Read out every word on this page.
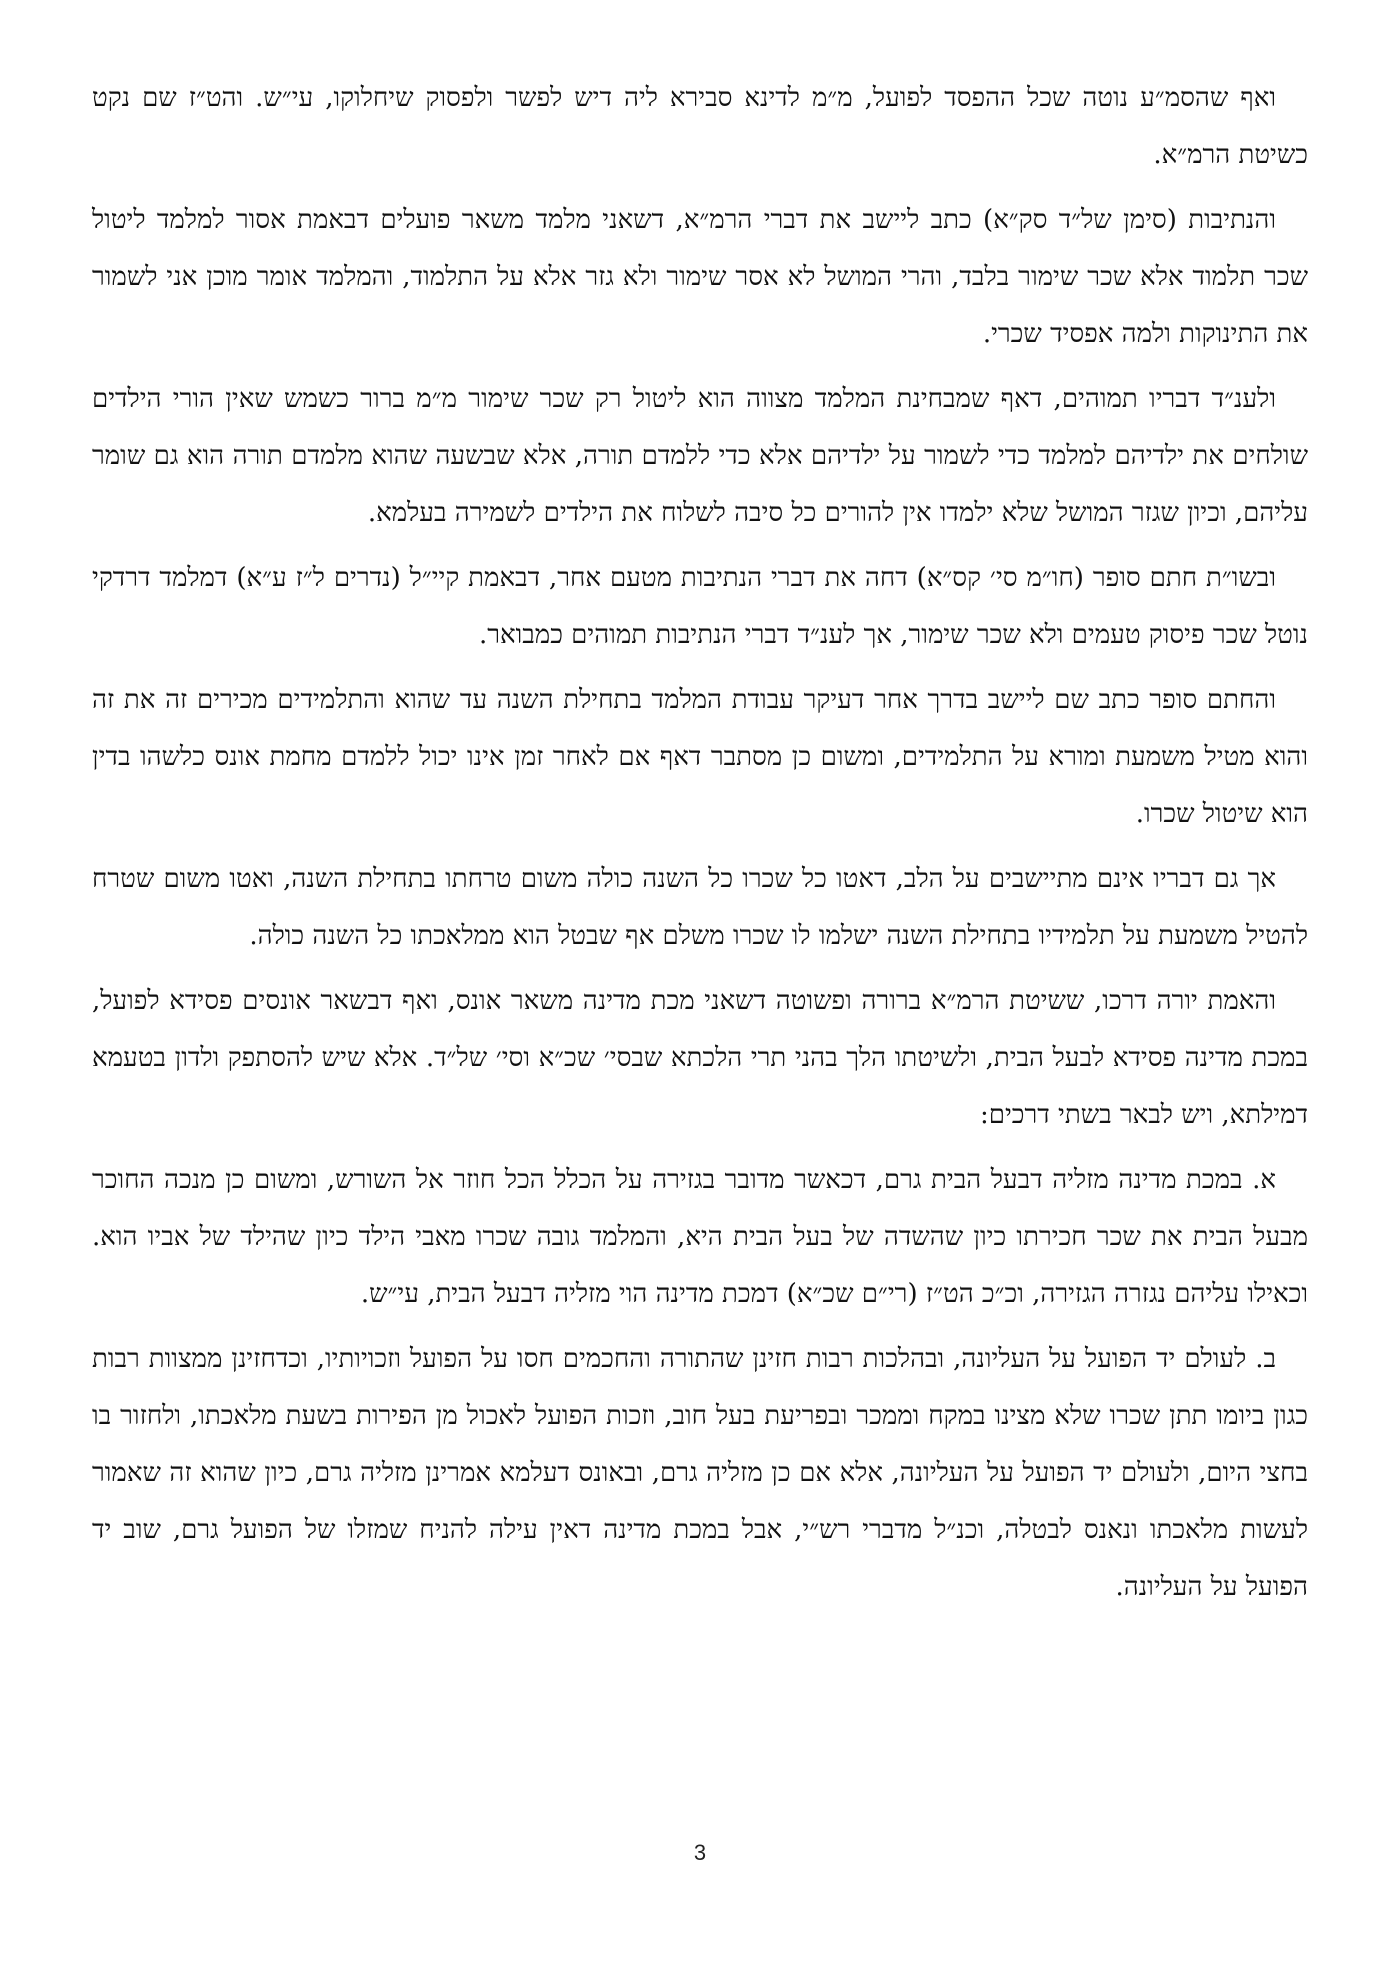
ואף שהסמ״ע נוטה שכל ההפסד לפועל, מ״מ לדינא סבירא ליה דיש לפשר ולפסוק שיחלוקו, עי״ש. והט״ז שם נקט כשיטת הרמ״א.

והנתיבות (סימן של״ד סק״א) כתב ליישב את דברי הרמ״א, דשאני מלמד משאר פועלים דבאמת אסור למלמד ליטול שכר תלמוד אלא שכר שימור בלבד, והרי המושל לא אסר שימור ולא גזר אלא על התלמוד, והמלמד אומר מוכן אני לשמור את התינוקות ולמה אפסיד שכרי.

ולענ״ד דבריו תמוהים, דאף שמבחינת המלמד מצווה הוא ליטול רק שכר שימור מ״מ ברור כשמש שאין הורי הילדים שולחים את ילדיהם למלמד כדי לשמור על ילדיהם אלא כדי ללמדם תורה, אלא שבשעה שהוא מלמדם תורה הוא גם שומר עליהם, וכיון שגזר המושל שלא ילמדו אין להורים כל סיבה לשלוח את הילדים לשמירה בעלמא.

ובשו״ת חתם סופר (חו״מ סי׳ קס״א) דחה את דברי הנתיבות מטעם אחר, דבאמת קיי״ל (נדרים ל״ז ע״א) דמלמד דרדקי נוטל שכר פיסוק טעמים ולא שכר שימור, אך לענ״ד דברי הנתיבות תמוהים כמבואר.

והחתם סופר כתב שם ליישב בדרך אחר דעיקר עבודת המלמד בתחילת השנה עד שהוא והתלמידים מכירים זה את זה והוא מטיל משמעת ומורא על התלמידים, ומשום כן מסתבר דאף אם לאחר זמן אינו יכול ללמדם מחמת אונס כלשהו בדין הוא שיטול שכרו.

אך גם דבריו אינם מתיישבים על הלב, דאטו כל שכרו כל השנה כולה משום טרחתו בתחילת השנה, ואטו משום שטרח להטיל משמעת על תלמידיו בתחילת השנה ישלמו לו שכרו משלם אף שבטל הוא ממלאכתו כל השנה כולה.

והאמת יורה דרכו, ששיטת הרמ״א ברורה ופשוטה דשאני מכת מדינה משאר אונס, ואף דבשאר אונסים פסידא לפועל, במכת מדינה פסידא לבעל הבית, ולשיטתו הלך בהני תרי הלכתא שבסי׳ שכ״א וסי׳ של״ד. אלא שיש להסתפק ולדון בטעמא דמילתא, ויש לבאר בשתי דרכים:

א. במכת מדינה מזליה דבעל הבית גרם, דכאשר מדובר בגזירה על הכלל הכל חוזר אל השורש, ומשום כן מנכה החוכר מבעל הבית את שכר חכירתו כיון שהשדה של בעל הבית היא, והמלמד גובה שכרו מאבי הילד כיון שהילד של אביו הוא. וכאילו עליהם נגזרה הגזירה, וכ״כ הט״ז (רי״ם שכ״א) דמכת מדינה הוי מזליה דבעל הבית, עי״ש.

ב. לעולם יד הפועל על העליונה, ובהלכות רבות חזינן שהתורה והחכמים חסו על הפועל וזכויותיו, וכדחזינן ממצוות רבות כגון ביומו תתן שכרו שלא מצינו במקח וממכר ובפריעת בעל חוב, וזכות הפועל לאכול מן הפירות בשעת מלאכתו, ולחזור בו בחצי היום, ולעולם יד הפועל על העליונה, אלא אם כן מזליה גרם, ובאונס דעלמא אמרינן מזליה גרם, כיון שהוא זה שאמור לעשות מלאכתו ונאנס לבטלה, וכנ״ל מדברי רש״י, אבל במכת מדינה דאין עילה להניח שמזלו של הפועל גרם, שוב יד הפועל על העליונה.

3
